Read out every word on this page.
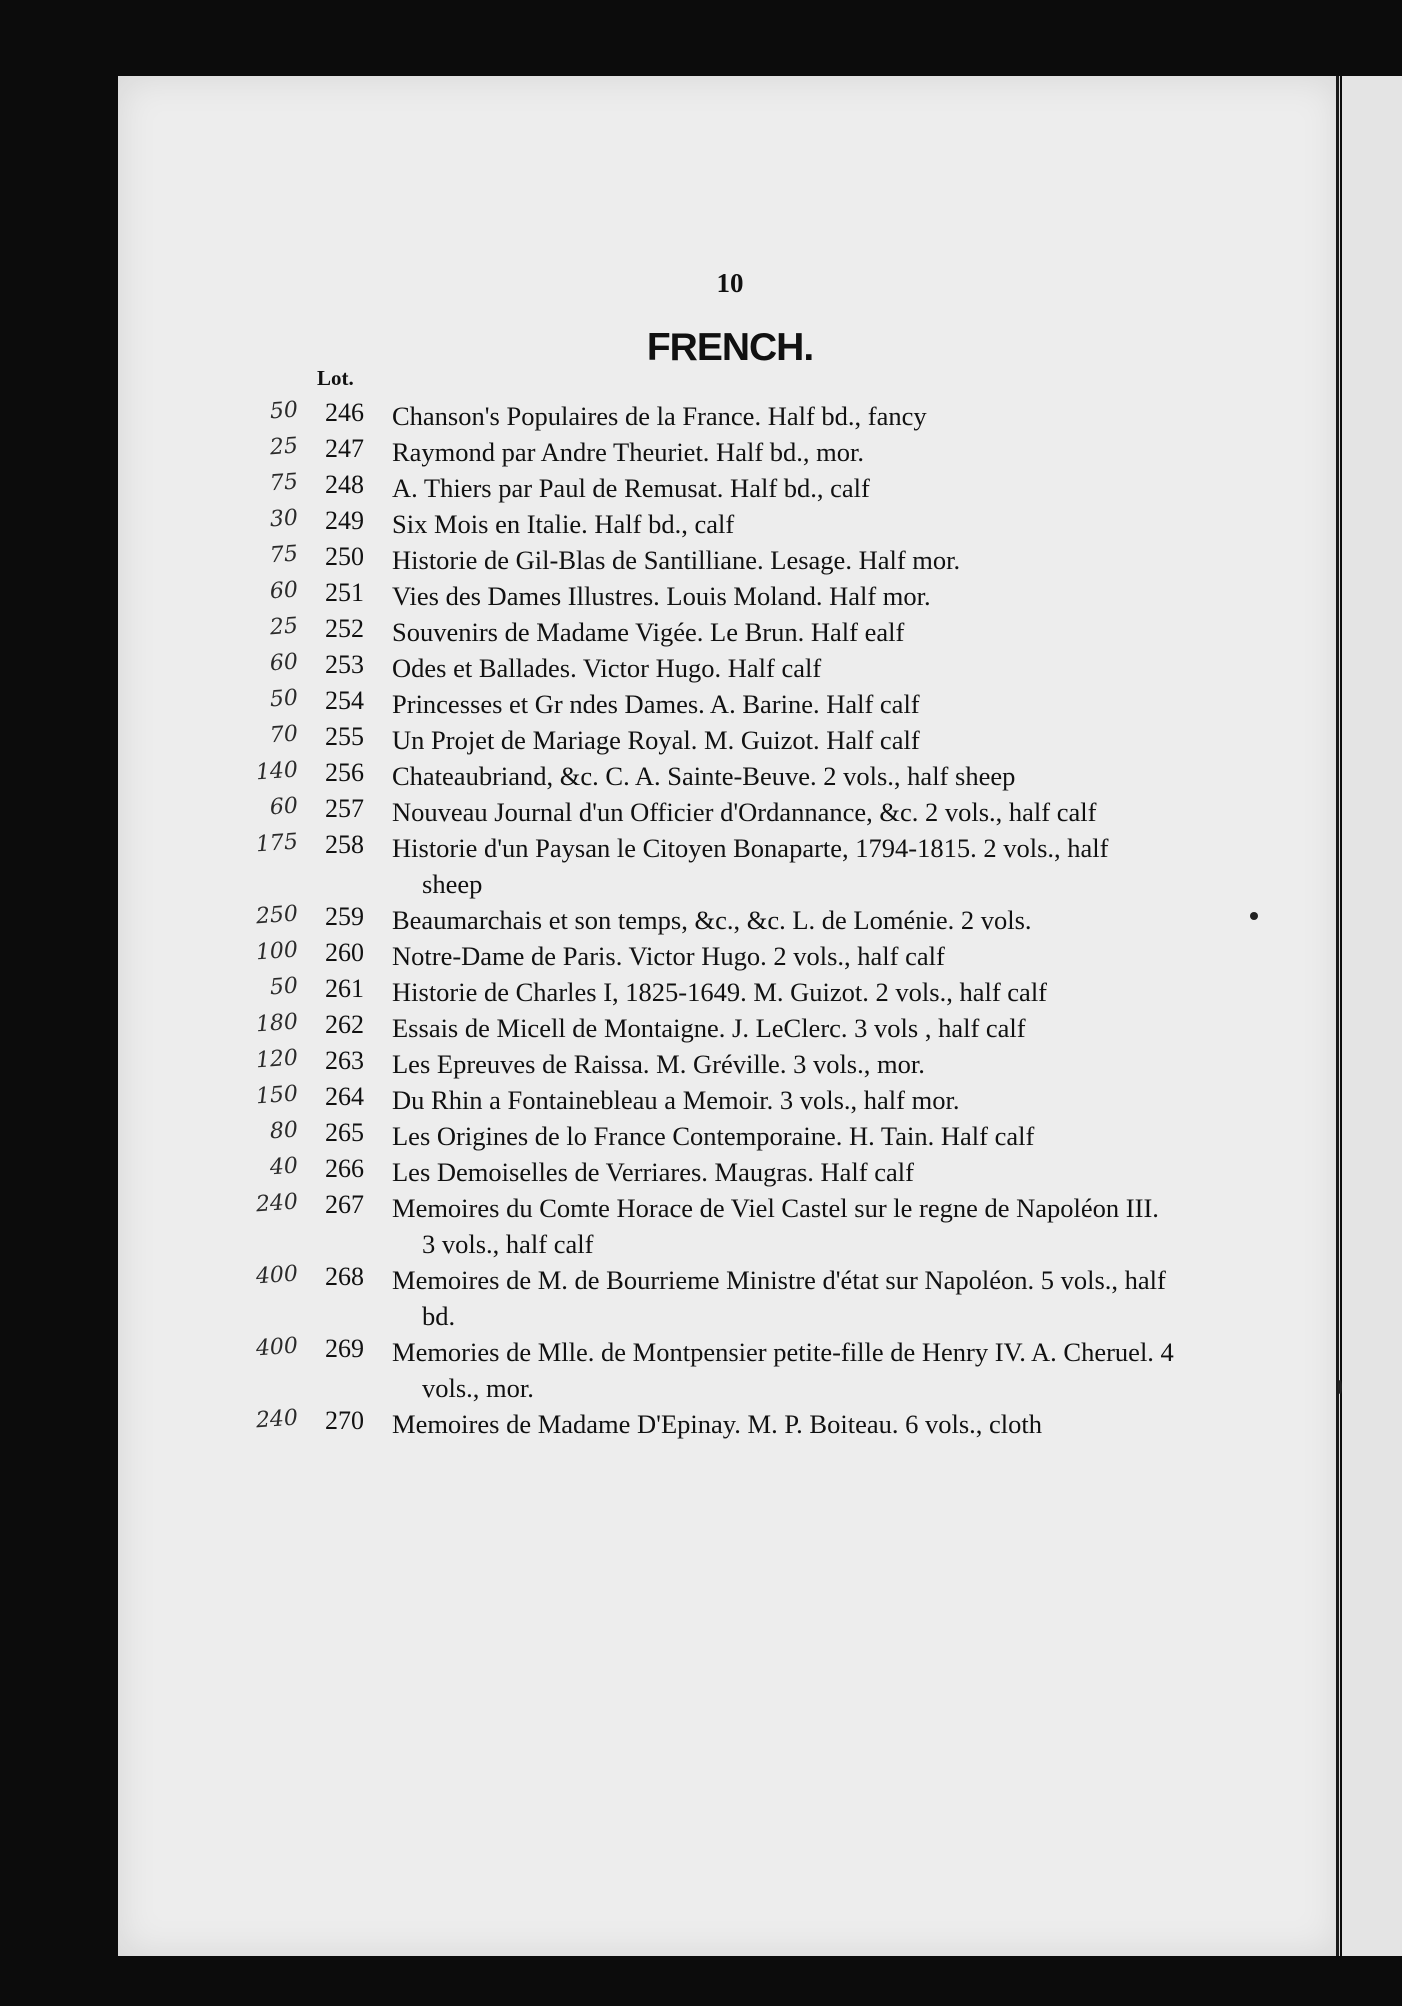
10
FRENCH.
Lot.
50	246 Chanson's Populaires de la France. Half bd., fancy
25	247 Raymond par Andre Theuriet. Half bd., mor.
75	248 A. Thiers par Paul de Remusat. Half bd., calf
30	249 Six Mois en Italie. Half bd., calf
75	250 Historie de Gil-Blas de Santilliane. Lesage. Half mor.
60	251 Vies des Dames Illustres. Louis Moland. Half mor.
25	252 Souvenirs de Madame Vigée. Le Brun. Half ealf
60	253 Odes et Ballades. Victor Hugo. Half calf
50	254 Princesses et Gr ndes Dames. A. Barine. Half calf
70	255 Un Projet de Mariage Royal. M. Guizot. Half calf
140	256 Chateaubriand, &c. C. A. Sainte-Beuve. 2 vols., half sheep
60	257 Nouveau Journal d'un Officier d'Ordannance, &c. 2 vols., half calf
175	258 Historie d'un Paysan le Citoyen Bonaparte, 1794-1815. 2 vols., half sheep
250	259 Beaumarchais et son temps, &c., &c. L. de Loménie. 2 vols.
100	260 Notre-Dame de Paris. Victor Hugo. 2 vols., half calf
50	261 Historie de Charles I, 1825-1649. M. Guizot. 2 vols., half calf
180	262 Essais de Micell de Montaigne. J. LeClerc. 3 vols , half calf
120	263 Les Epreuves de Raissa. M. Gréville. 3 vols., mor.
150	264 Du Rhin a Fontainebleau a Memoir. 3 vols., half mor.
80	265 Les Origines de lo France Contemporaine. H. Tain. Half calf
40	266 Les Demoiselles de Verriares. Maugras. Half calf
240	267 Memoires du Comte Horace de Viel Castel sur le regne de Napoléon III. 3 vols., half calf
400	268 Memoires de M. de Bourrieme Ministre d'état sur Napoléon. 5 vols., half bd.
400	269 Memories de Mlle. de Montpensier petite-fille de Henry IV. A. Cheruel. 4 vols., mor.
240	270 Memoires de Madame D'Epinay. M. P. Boiteau. 6 vols., cloth
